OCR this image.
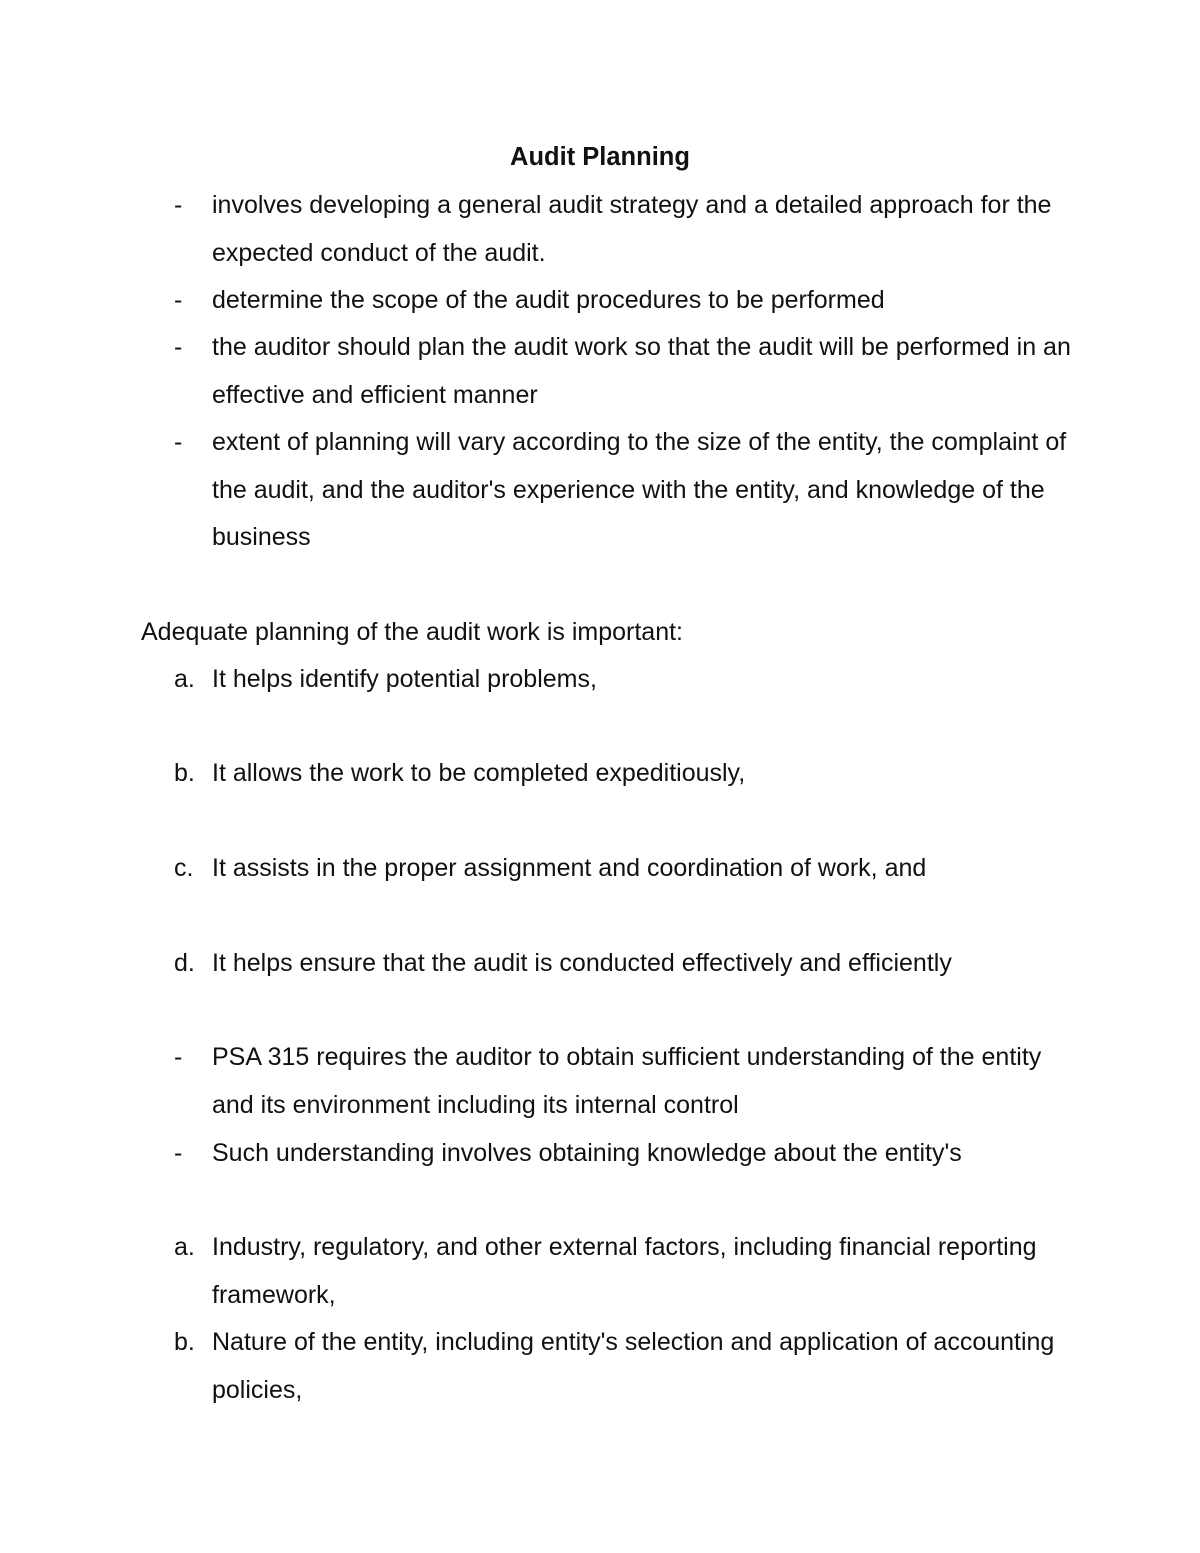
Audit Planning
- involves developing a general audit strategy and a detailed approach for the expected conduct of the audit.
- determine the scope of the audit procedures to be performed
- the auditor should plan the audit work so that the audit will be performed in an effective and efficient manner
- extent of planning will vary according to the size of the entity, the complaint of the audit, and the auditor's experience with the entity, and knowledge of the business
Adequate planning of the audit work is important:
a. It helps identify potential problems,
b. It allows the work to be completed expeditiously,
c. It assists in the proper assignment and coordination of work, and
d. It helps ensure that the audit is conducted effectively and efficiently
- PSA 315 requires the auditor to obtain sufficient understanding of the entity and its environment including its internal control
- Such understanding involves obtaining knowledge about the entity's
a. Industry, regulatory, and other external factors, including financial reporting framework,
b. Nature of the entity, including entity's selection and application of accounting policies,
